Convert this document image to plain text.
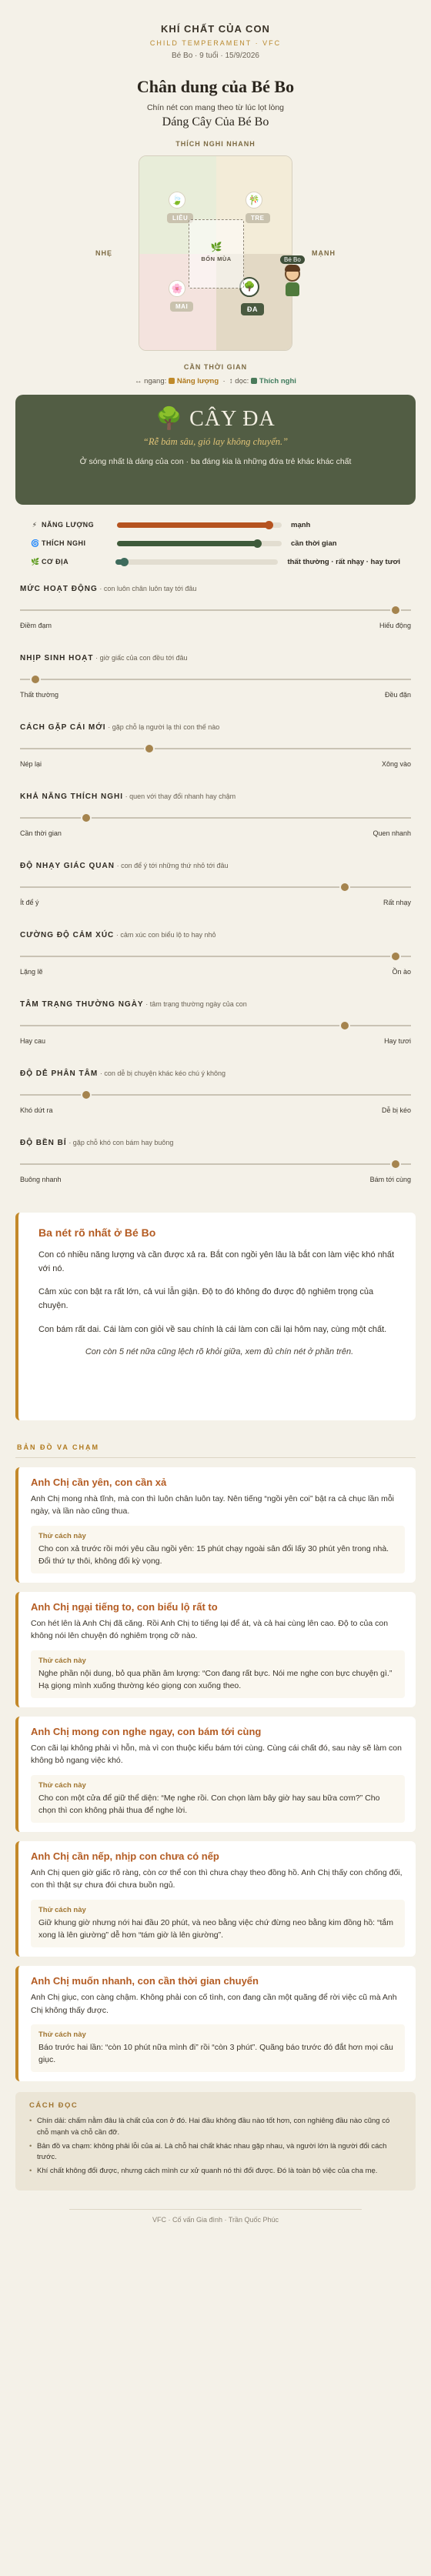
KHÍ CHẤT CỦA CON
CHILD TEMPERAMENT · VFC
Bé Bo · 9 tuổi · 15/9/2026
Chân dung của Bé Bo
Chín nét con mang theo từ lúc lọt lòng
Dáng Cây Của Bé Bo
THÍCH NGHI NHANH
NHẸ	MẠNH
🍃
LIỄU
🎋
TRE
🌸
MAI
🌳
ĐA
🌿
BỐN MÙA	Bé Bo
CẦN THỜI GIAN
↔ ngang: Năng lượng  ·  ↕ dọc: Thích nghi
🌳 CÂY ĐA
“Rễ bám sâu, gió lay không chuyển.”
Ở sóng nhất là dáng của con · ba đáng kia là những đứa trẻ khác khác chất
⚡ NĂNG LƯỢNG	mạnh
🌀 THÍCH NGHI	cần thời gian
🌿 CƠ ĐỊA	thất thường · rất nhạy · hay tươi
MỨC HOẠT ĐỘNG · con luôn chân luôn tay tới đâu
Điềm đạm	Hiếu động
NHỊP SINH HOẠT · giờ giấc của con đều tới đâu
Thất thường	Đều đặn
CÁCH GẶP CÁI MỚI · gặp chỗ lạ người lạ thì con thế nào
Nép lại	Xông vào
KHẢ NĂNG THÍCH NGHI · quen với thay đổi nhanh hay chậm
Cần thời gian	Quen nhanh
ĐỘ NHẠY GIÁC QUAN · con để ý tới những thứ nhỏ tới đâu
Ít để ý	Rất nhạy
CƯỜNG ĐỘ CẢM XÚC · cảm xúc con biểu lộ to hay nhỏ
Lặng lẽ	Ồn ào
TÂM TRẠNG THƯỜNG NGÀY · tâm trạng thường ngày của con
Hay cau	Hay tươi
ĐỘ DỄ PHÂN TÂM · con dễ bị chuyện khác kéo chú ý không
Khó dứt ra	Dễ bị kéo
ĐỘ BỀN BỈ · gặp chỗ khó con bám hay buông
Buông nhanh	Bám tới cùng
Ba nét rõ nhất ở Bé Bo
Con có nhiều năng lượng và cần được xả ra. Bắt con ngồi yên lâu là bắt con làm việc khó nhất với nó.
Cảm xúc con bật ra rất lớn, cả vui lẫn giận. Độ to đó không đo được độ nghiêm trọng của chuyện.
Con bám rất dai. Cái làm con giỏi về sau chính là cái làm con cãi lại hôm nay, cùng một chất.
Con còn 5 nét nữa cũng lệch rõ khỏi giữa, xem đủ chín nét ở phần trên.
BẢN ĐỒ VA CHẠM
Anh Chị cần yên, con cần xả
Anh Chị mong nhà tĩnh, mà con thì luôn chân luôn tay. Nên tiếng “ngồi yên coi” bật ra cả chục lần mỗi ngày, và lần nào cũng thua.
Thử cách này
Cho con xả trước rồi mới yêu cầu ngồi yên: 15 phút chạy ngoài sân đổi lấy 30 phút yên trong nhà. Đổi thứ tự thôi, không đổi kỳ vọng.
Anh Chị ngại tiếng to, con biểu lộ rất to
Con hét lên là Anh Chị đã căng. Rồi Anh Chị to tiếng lại để át, và cả hai cùng lên cao. Độ to của con không nói lên chuyện đó nghiêm trọng cỡ nào.
Thử cách này
Nghe phần nội dung, bỏ qua phần âm lượng: “Con đang rất bực. Nói me nghe con bực chuyện gì.” Hạ giọng mình xuống thường kéo giọng con xuống theo.
Anh Chị mong con nghe ngay, con bám tới cùng
Con cãi lại không phải vì hỗn, mà vì con thuộc kiểu bám tới cùng. Cùng cái chất đó, sau này sẽ làm con không bỏ ngang việc khó.
Thử cách này
Cho con một cửa để giữ thể diện: “Mẹ nghe rồi. Con chọn làm bây giờ hay sau bữa cơm?” Cho chọn thì con không phải thua để nghe lời.
Anh Chị cần nếp, nhịp con chưa có nếp
Anh Chị quen giờ giấc rõ ràng, còn cơ thể con thì chưa chạy theo đồng hồ. Anh Chị thấy con chống đối, con thì thật sự chưa đói chưa buồn ngủ.
Thử cách này
Giữ khung giờ nhưng nới hai đầu 20 phút, và neo bằng việc chứ đừng neo bằng kim đồng hồ: “tắm xong là lên giường” dễ hơn “tám giờ là lên giường”.
Anh Chị muốn nhanh, con cần thời gian chuyển
Anh Chị giục, con càng chậm. Không phải con cố tình, con đang cần một quãng để rời việc cũ mà Anh Chị không thấy được.
Thử cách này
Báo trước hai lần: “còn 10 phút nữa mình đi” rồi “còn 3 phút”. Quãng báo trước đó đắt hơn mọi câu giục.
CÁCH ĐỌC
• Chín dải: chấm nằm đâu là chất của con ở đó. Hai đầu không đầu nào tốt hơn, con nghiêng đầu nào cũng có chỗ mạnh và chỗ cần đỡ.
• Bản đồ va chạm: không phải lỗi của ai. Là chỗ hai chất khác nhau gặp nhau, và người lớn là người đổi cách trước.
• Khí chất không đổi được, nhưng cách mình cư xử quanh nó thì đổi được. Đó là toàn bộ việc của cha mẹ.
VFC · Cố vấn Gia đình · Trần Quốc Phúc
